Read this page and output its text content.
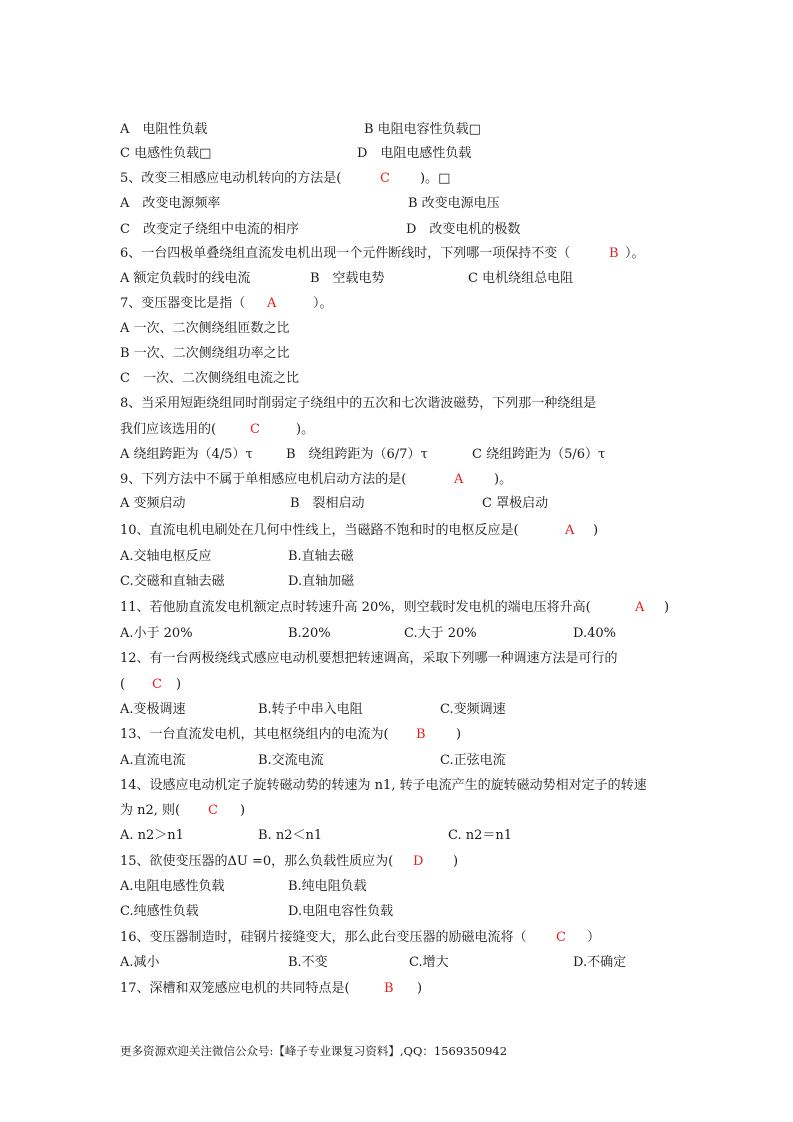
A　电阻性负载	B 电阻电容性负载□
C 电感性负载□	D　电阻电感性负载
5、改变三相感应电动机转向的方法是(	C )。□
A　改变电源频率	B 改变电源电压
C　改变定子绕组中电流的相序	D　改变电机的极数
6、一台四极单叠绕组直流发电机出现一个元件断线时，下列哪一项保持不变（	B ）。
A 额定负载时的线电流	B　空载电势	C 电机绕组总电阻
7、变压器变比是指（ A	）。
A 一次、二次侧绕组匝数之比
B 一次、二次侧绕组功率之比
C　一次、二次侧绕组电流之比
8、当采用短距绕组同时削弱定子绕组中的五次和七次谐波磁势，下列那一种绕组是
我们应该选用的(	C	)。
A 绕组跨距为（4/5）τ	B　绕组跨距为（6/7）τ	C 绕组跨距为（5/6）τ
9、下列方法中不属于单相感应电机启动方法的是(	A )。
A 变频启动	B　裂相启动	C 罩极启动
10、直流电机电刷处在几何中性线上，当磁路不饱和时的电枢反应是(	A )
A.交轴电枢反应	B.直轴去磁
C.交磁和直轴去磁	D.直轴加磁
11、若他励直流发电机额定点时转速升高 20%，则空载时发电机的端电压将升高(	A )
A.小于 20%	B.20%	C.大于 20%	D.40%
12、有一台两极绕线式感应电动机要想把转速调高，采取下列哪一种调速方法是可行的
( C )
A.变极调速	B.转子中串入电阻	C.变频调速
13、一台直流发电机，其电枢绕组内的电流为( B )
A.直流电流	B.交流电流	C.正弦电流
14、设感应电动机定子旋转磁动势的转速为 n1, 转子电流产生的旋转磁动势相对定子的转速
为 n2, 则( C )
A. n2＞n1	B. n2＜n1	C. n2＝n1
15、欲使变压器的ΔU =0，那么负载性质应为( D )
A.电阻电感性负载	B.纯电阻负载
C.纯感性负载	D.电阻电容性负载
16、变压器制造时，硅钢片接缝变大，那么此台变压器的励磁电流将（ C ）
A.减小	B.不变	C.增大	D.不确定
17、深槽和双笼感应电机的共同特点是(	B )
更多资源欢迎关注微信公众号:【峰子专业课复习资料】,QQ：1569350942
